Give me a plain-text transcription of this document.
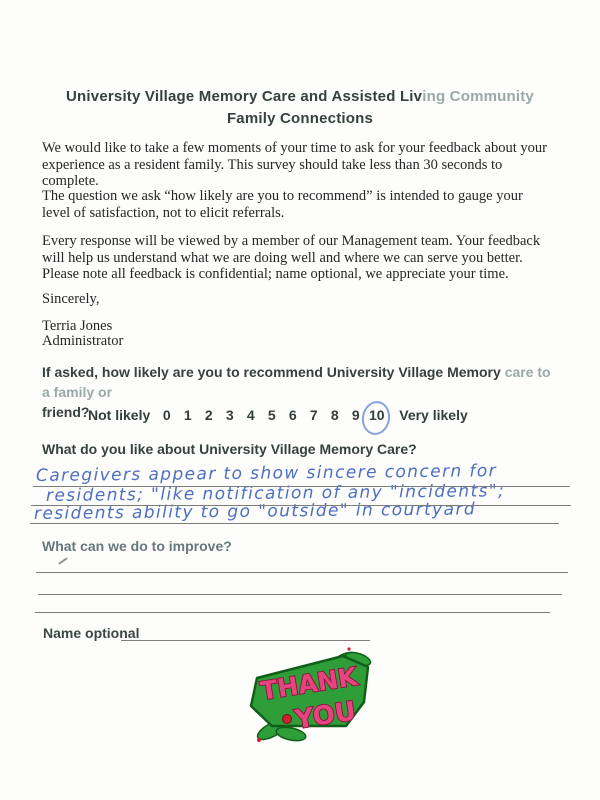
University Village Memory Care and Assisted Living Community
Family Connections
We would like to take a few moments of your time to ask for your feedback about your experience as a resident family. This survey should take less than 30 seconds to complete.
The question we ask “how likely are you to recommend” is intended to gauge your level of satisfaction, not to elicit referrals.
Every response will be viewed by a member of our Management team. Your feedback will help us understand what we are doing well and where we can serve you better. Please note all feedback is confidential; name optional, we appreciate your time.
Sincerely,
Terria Jones
Administrator
If asked, how likely are you to recommend University Village Memory care to a family or
friend?
Not likely 0 1 2 3 4 5 6 7 8 9 10 Very likely
What do you like about University Village Memory Care?
Caregivers appear to show sincere concern for
residents; "like notification of any "incidents";
residents ability to go "outside" in courtyard
What can we do to improve?
Name optional
THANK
YOU
